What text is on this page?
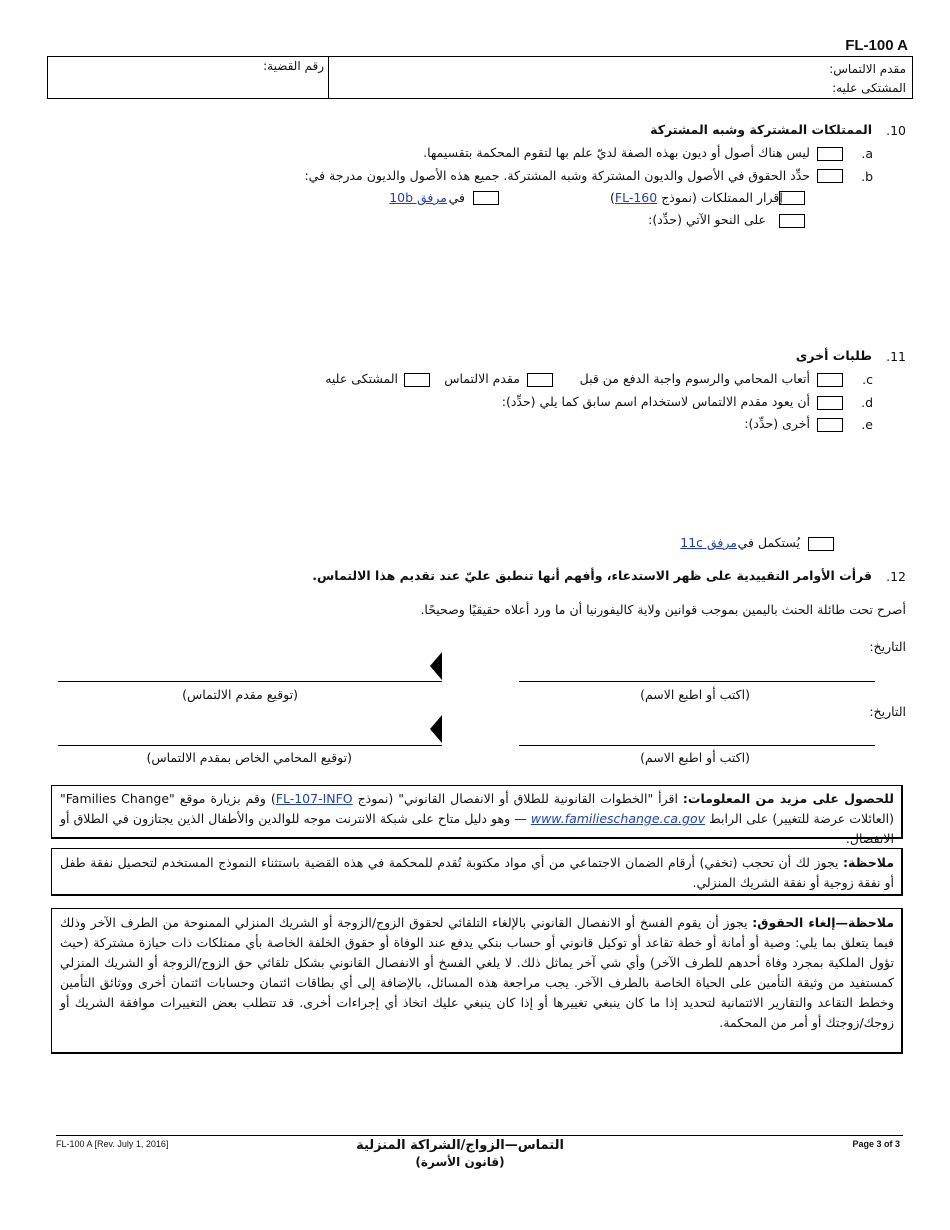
FL-100 A
رقم القضية:	مقدم الالتماس:
المشتكى عليه:
10.
الممتلكات المشتركة وشبه المشتركة
a.
ليس هناك أصول أو ديون بهذه الصفة لديّ علم بها لتقوم المحكمة بتقسيمها.
b.
حدِّد الحقوق في الأصول والديون المشتركة وشبه المشتركة. جميع هذه الأصول والديون مدرجة في:
إقرار الممتلكات (نموذج FL-160)
في
مرفق 10b
على النحو الآتي (حدِّد):
11.
طلبات أخرى
c.
أتعاب المحامي والرسوم واجبة الدفع من قبل
مقدم الالتماس
المشتكى عليه
d.
أن يعود مقدم الالتماس لاستخدام اسم سابق كما يلي (حدِّد):
e.
أخرى (حدِّد):
يُستكمل في
مرفق 11c
12.
قرأت الأوامر التقييدية على ظهر الاستدعاء، وأفهم أنها تنطبق عليّ عند تقديم هذا الالتماس.
أصرح تحت طائلة الحنث باليمين بموجب قوانين ولاية كاليفورنيا أن ما ورد أعلاه حقيقيًا وصحيحًا.
التاريخ:
(توقيع مقدم الالتماس)	(اكتب أو اطبع الاسم)
التاريخ:
(توقيع المحامي الخاص بمقدم الالتماس)	(اكتب أو اطبع الاسم)
للحصول على مزيد من المعلومات: اقرأ "الخطوات القانونية للطلاق أو الانفصال القانوني" (نموذج FL-107-INFO) وقم بزيارة موقع "Families Change" (العائلات عرضة للتغيير) على الرابط www.familieschange.ca.gov — وهو دليل متاح على شبكة الانترنت موجه للوالدين والأطفال الذين يجتازون في الطلاق أو الانفصال.
ملاحظة: يجوز لك أن تحجب (تخفي) أرقام الضمان الاجتماعي من أي مواد مكتوبة تُقدم للمحكمة في هذه القضية باستثناء النموذج المستخدم لتحصيل نفقة طفل أو نفقة زوجية أو نفقة الشريك المنزلي.
ملاحظة—إلغاء الحقوق: يجوز أن يقوم الفسخ أو الانفصال القانوني بالإلغاء التلقائي لحقوق الزوج/الزوجة أو الشريك المنزلي الممنوحة من الطرف الآخر وذلك فيما يتعلق بما يلي: وصية أو أمانة أو خطة تقاعد أو توكيل قانوني أو حساب بنكي يدفع عند الوفاة أو حقوق الخلفة الخاصة بأي ممتلكات ذات حيازة مشتركة (حيث تؤول الملكية بمجرد وفاة أحدهم للطرف الآخر) وأي شي آخر يماثل ذلك. لا يلغي الفسخ أو الانفصال القانوني بشكل تلقائي حق الزوج/الزوجة أو الشريك المنزلي كمستفيد من وثيقة التأمين على الحياة الخاصة بالطرف الآخر. يجب مراجعة هذه المسائل، بالإضافة إلى أي بطاقات ائتمان وحسابات ائتمان أخرى ووثائق التأمين وخطط التقاعد والتقارير الائتمانية لتحديد إذا ما كان ينبغي تغييرها أو إذا كان ينبغي عليك اتخاذ أي إجراءات أخرى. قد تتطلب بعض التغييرات موافقة الشريك أو زوجك/زوجتك أو أمر من المحكمة.
FL-100 A [Rev. July 1, 2016]	التماس—الزواج/الشراكة المنزلية
(قانون الأسرة)
Page 3 of 3
